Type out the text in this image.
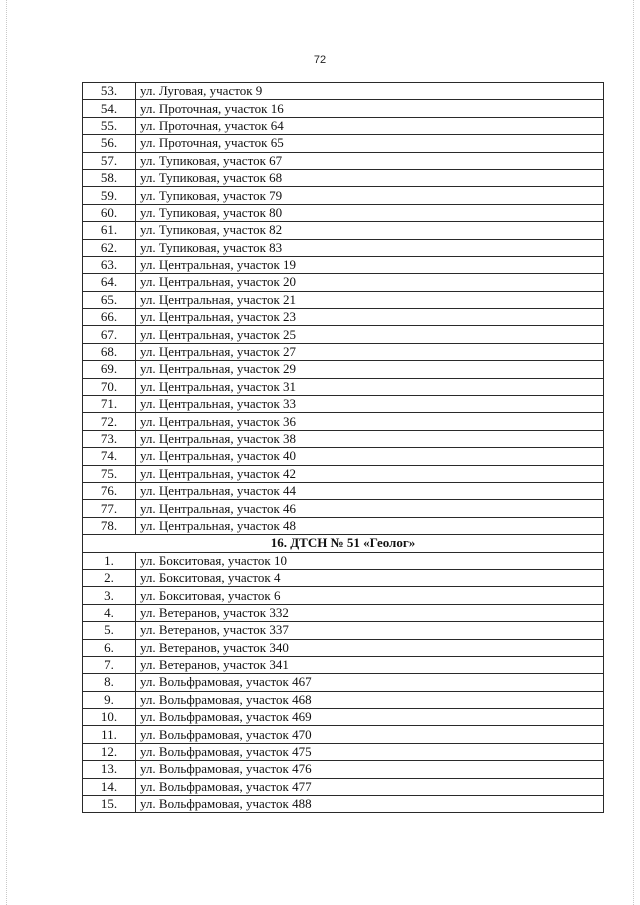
72
53.	ул. Луговая, участок 9
54.	ул. Проточная, участок 16
55.	ул. Проточная, участок 64
56.	ул. Проточная, участок 65
57.	ул. Тупиковая, участок 67
58.	ул. Тупиковая, участок 68
59.	ул. Тупиковая, участок 79
60.	ул. Тупиковая, участок 80
61.	ул. Тупиковая, участок 82
62.	ул. Тупиковая, участок 83
63.	ул. Центральная, участок 19
64.	ул. Центральная, участок 20
65.	ул. Центральная, участок 21
66.	ул. Центральная, участок 23
67.	ул. Центральная, участок 25
68.	ул. Центральная, участок 27
69.	ул. Центральная, участок 29
70.	ул. Центральная, участок 31
71.	ул. Центральная, участок 33
72.	ул. Центральная, участок 36
73.	ул. Центральная, участок 38
74.	ул. Центральная, участок 40
75.	ул. Центральная, участок 42
76.	ул. Центральная, участок 44
77.	ул. Центральная, участок 46
78.	ул. Центральная, участок 48
16. ДТСН № 51 «Геолог»	
1.	ул. Бокситовая, участок 10
2.	ул. Бокситовая, участок 4
3.	ул. Бокситовая, участок 6
4.	ул. Ветеранов, участок 332
5.	ул. Ветеранов, участок 337
6.	ул. Ветеранов, участок 340
7.	ул. Ветеранов, участок 341
8.	ул. Вольфрамовая, участок 467
9.	ул. Вольфрамовая, участок 468
10.	ул. Вольфрамовая, участок 469
11.	ул. Вольфрамовая, участок 470
12.	ул. Вольфрамовая, участок 475
13.	ул. Вольфрамовая, участок 476
14.	ул. Вольфрамовая, участок 477
15.	ул. Вольфрамовая, участок 488
